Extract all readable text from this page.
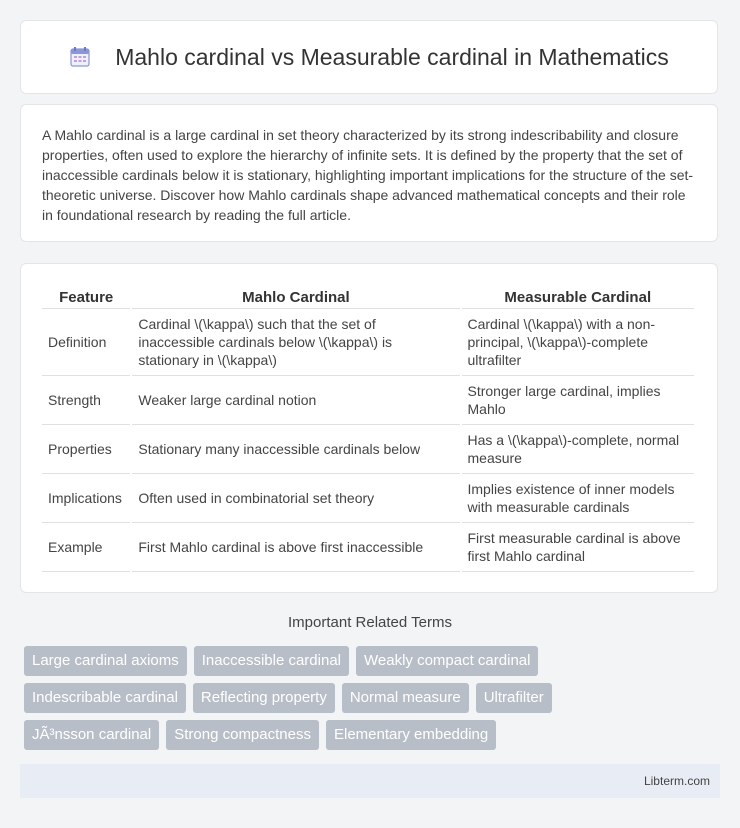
Mahlo cardinal vs Measurable cardinal in Mathematics
A Mahlo cardinal is a large cardinal in set theory characterized by its strong indescribability and closure properties, often used to explore the hierarchy of infinite sets. It is defined by the property that the set of inaccessible cardinals below it is stationary, highlighting important implications for the structure of the set-theoretic universe. Discover how Mahlo cardinals shape advanced mathematical concepts and their role in foundational research by reading the full article.
Feature	Mahlo Cardinal	Measurable Cardinal
Definition	Cardinal \(\kappa\) such that the set of inaccessible cardinals below \(\kappa\) is stationary in \(\kappa\)	Cardinal \(\kappa\) with a non-principal, \(\kappa\)-complete ultrafilter
Strength	Weaker large cardinal notion	Stronger large cardinal, implies Mahlo
Properties	Stationary many inaccessible cardinals below	Has a \(\kappa\)-complete, normal measure
Implications	Often used in combinatorial set theory	Implies existence of inner models with measurable cardinals
Example	First Mahlo cardinal is above first inaccessible	First measurable cardinal is above first Mahlo cardinal
Important Related Terms
Large cardinal axioms	Inaccessible cardinal	Weakly compact cardinal
Indescribable cardinal	Reflecting property	Normal measure	Ultrafilter
JÃ³nsson cardinal	Strong compactness	Elementary embedding
Libterm.com
